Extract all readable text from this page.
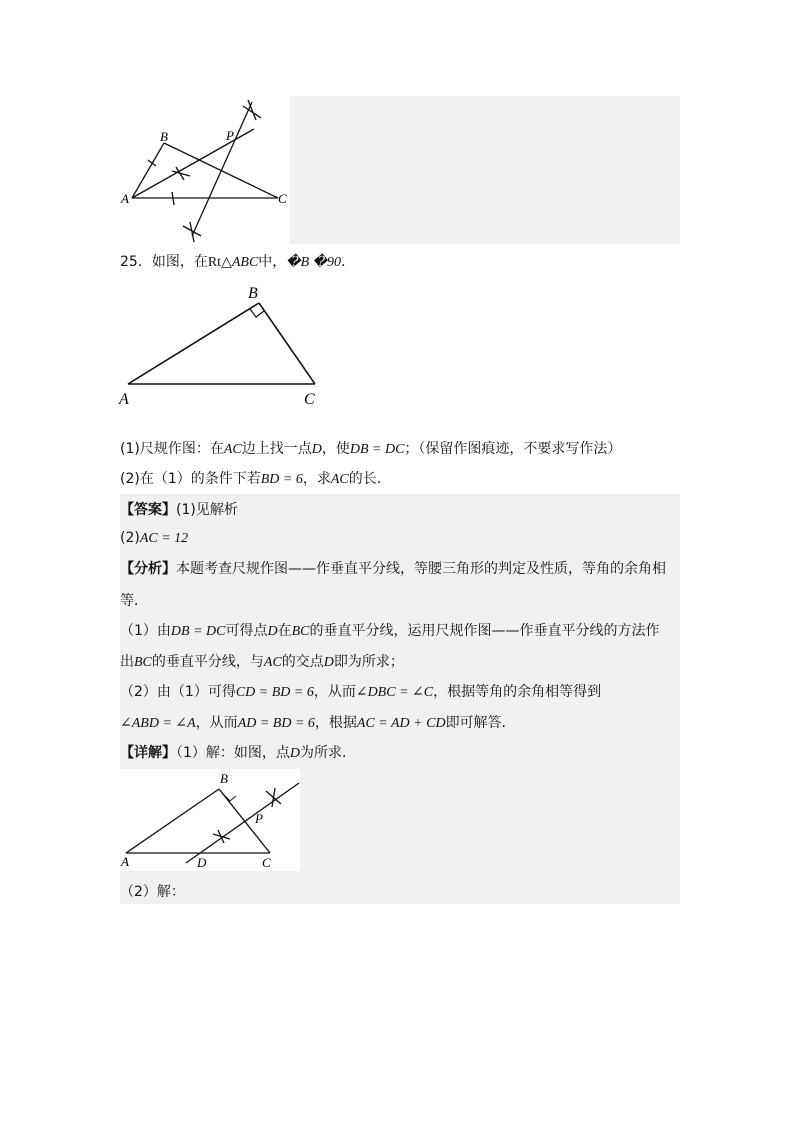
B	P
A	C
25．如图，在Rt△ABC中，�B �90．
B
A	C
(1)尺规作图：在AC边上找一点D，使DB = DC；（保留作图痕迹，不要求写作法）
(2)在（1）的条件下若BD = 6，求AC的长．
【答案】(1)见解析
(2)AC = 12
【分析】本题考查尺规作图——作垂直平分线，等腰三角形的判定及性质，等角的余角相
等．
（1）由DB = DC可得点D在BC的垂直平分线，运用尺规作图——作垂直平分线的方法作
出BC的垂直平分线，与AC的交点D即为所求；
（2）由（1）可得CD = BD = 6，从而∠DBC = ∠C，根据等角的余角相等得到
∠ABD = ∠A，从而AD = BD = 6，根据AC = AD + CD即可解答．
【详解】（1）解：如图，点D为所求．
B
P
A	D	C
（2）解：
